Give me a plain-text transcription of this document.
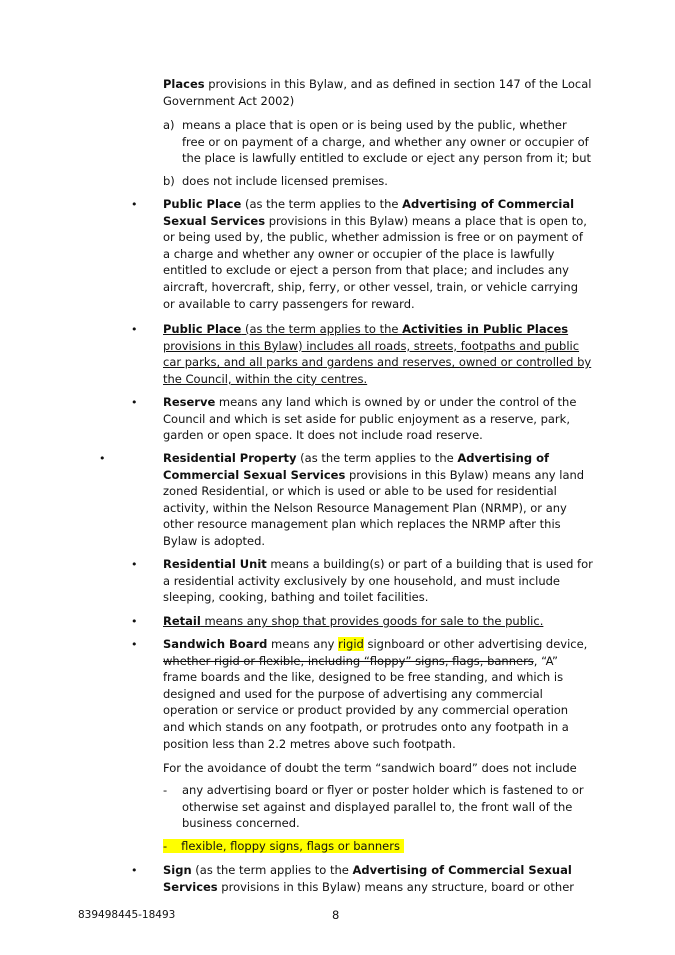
Places provisions in this Bylaw, and as defined in section 147 of the Local Government Act 2002)
a) means a place that is open or is being used by the public, whether free or on payment of a charge, and whether any owner or occupier of the place is lawfully entitled to exclude or eject any person from it; but
b) does not include licensed premises.
• Public Place (as the term applies to the Advertising of Commercial Sexual Services provisions in this Bylaw) means a place that is open to, or being used by, the public, whether admission is free or on payment of a charge and whether any owner or occupier of the place is lawfully entitled to exclude or eject a person from that place; and includes any aircraft, hovercraft, ship, ferry, or other vessel, train, or vehicle carrying or available to carry passengers for reward.
• Public Place (as the term applies to the Activities in Public Places provisions in this Bylaw) includes all roads, streets, footpaths and public car parks, and all parks and gardens and reserves, owned or controlled by the Council, within the city centres.
• Reserve means any land which is owned by or under the control of the Council and which is set aside for public enjoyment as a reserve, park, garden or open space. It does not include road reserve.
•	Residential Property (as the term applies to the Advertising of Commercial Sexual Services provisions in this Bylaw) means any land zoned Residential, or which is used or able to be used for residential activity, within the Nelson Resource Management Plan (NRMP), or any other resource management plan which replaces the NRMP after this Bylaw is adopted.
• Residential Unit means a building(s) or part of a building that is used for a residential activity exclusively by one household, and must include sleeping, cooking, bathing and toilet facilities.
• Retail means any shop that provides goods for sale to the public.
• Sandwich Board means any rigid signboard or other advertising device, whether rigid or flexible, including “floppy” signs, flags, banners, “A” frame boards and the like, designed to be free standing, and which is designed and used for the purpose of advertising any commercial operation or service or product provided by any commercial operation and which stands on any footpath, or protrudes onto any footpath in a position less than 2.2 metres above such footpath.
For the avoidance of doubt the term “sandwich board” does not include
- any advertising board or flyer or poster holder which is fastened to or otherwise set against and displayed parallel to, the front wall of the business concerned.
- flexible, floppy signs, flags or banners
• Sign (as the term applies to the Advertising of Commercial Sexual Services provisions in this Bylaw) means any structure, board or other
839498445-18493	8
